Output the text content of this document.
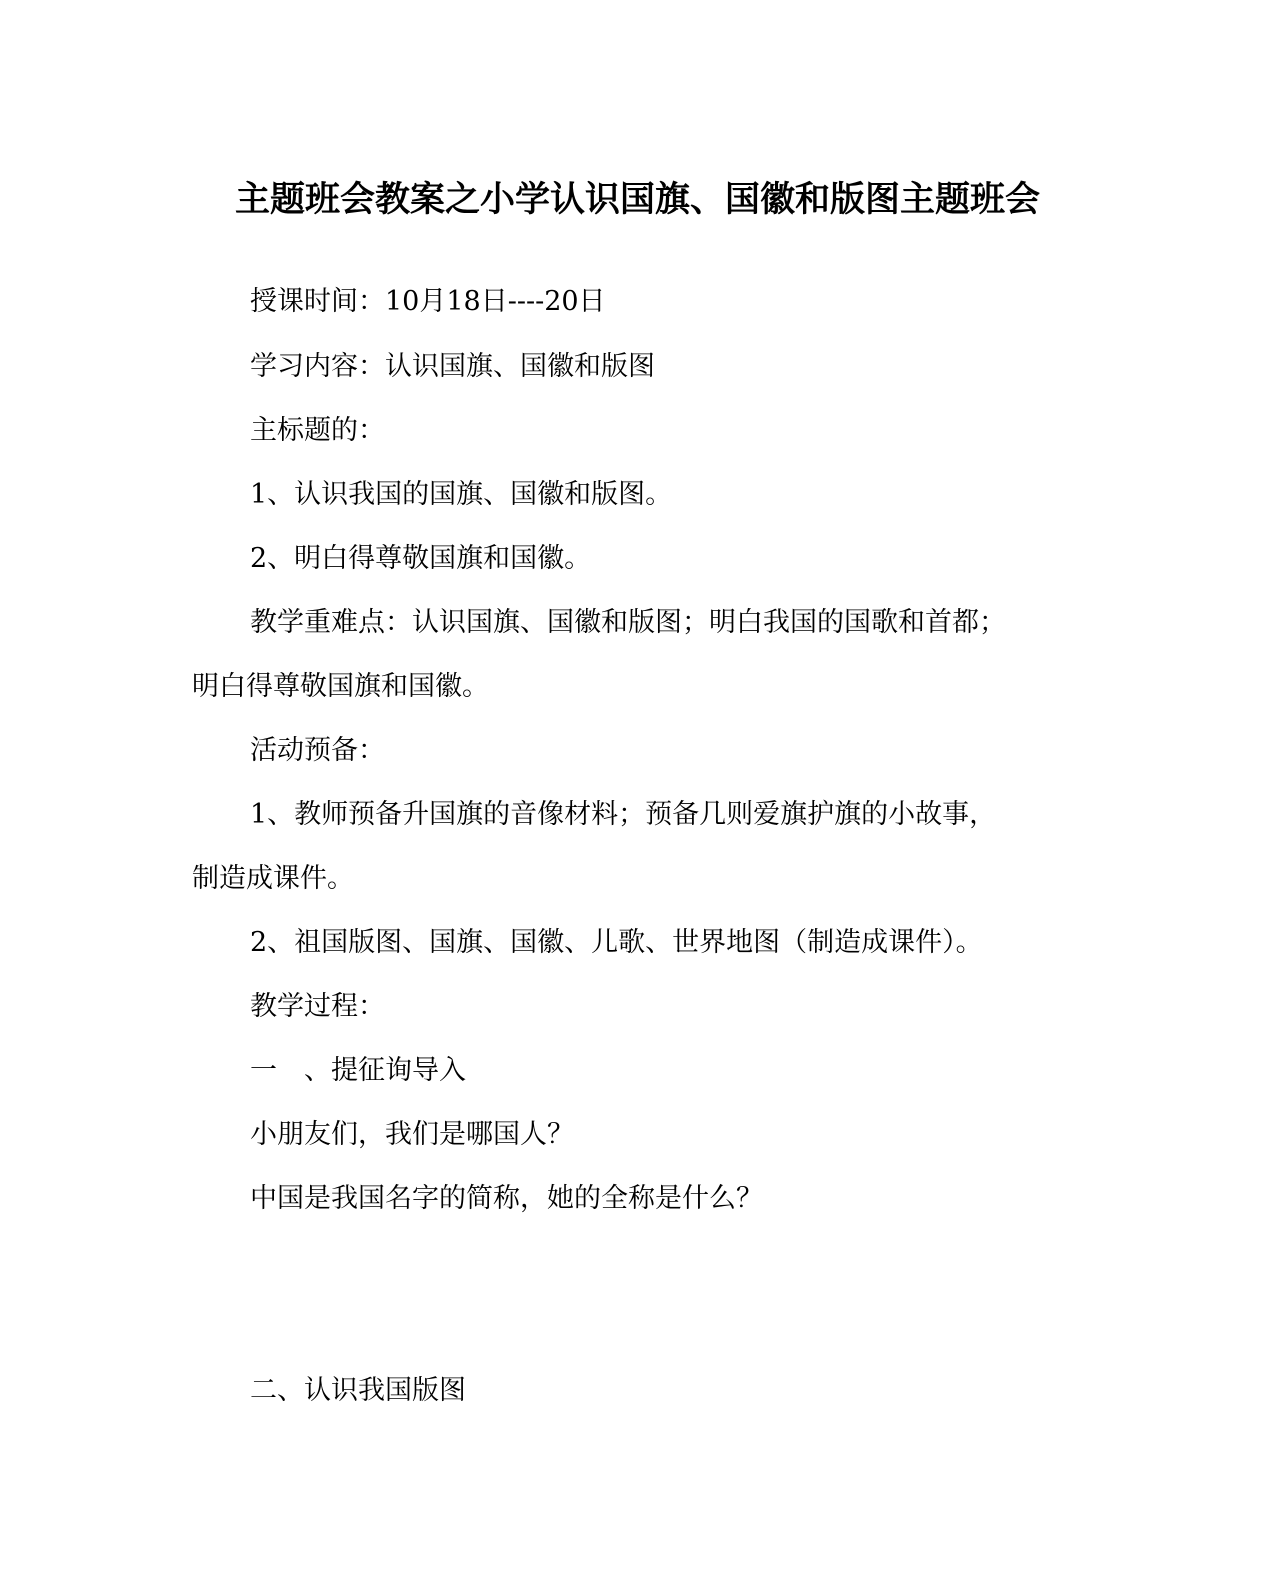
主题班会教案之小学认识国旗、国徽和版图主题班会
授课时间：10月18日----20日
学习内容：认识国旗、国徽和版图
主标题的：
1、认识我国的国旗、国徽和版图。
2、明白得尊敬国旗和国徽。
教学重难点：认识国旗、国徽和版图；明白我国的国歌和首都；
明白得尊敬国旗和国徽。
活动预备：
1、教师预备升国旗的音像材料；预备几则爱旗护旗的小故事，
制造成课件。
2、祖国版图、国旗、国徽、儿歌、世界地图（制造成课件）。
教学过程：
一　、提征询导入
小朋友们，我们是哪国人？
中国是我国名字的简称，她的全称是什么？
二、认识我国版图
